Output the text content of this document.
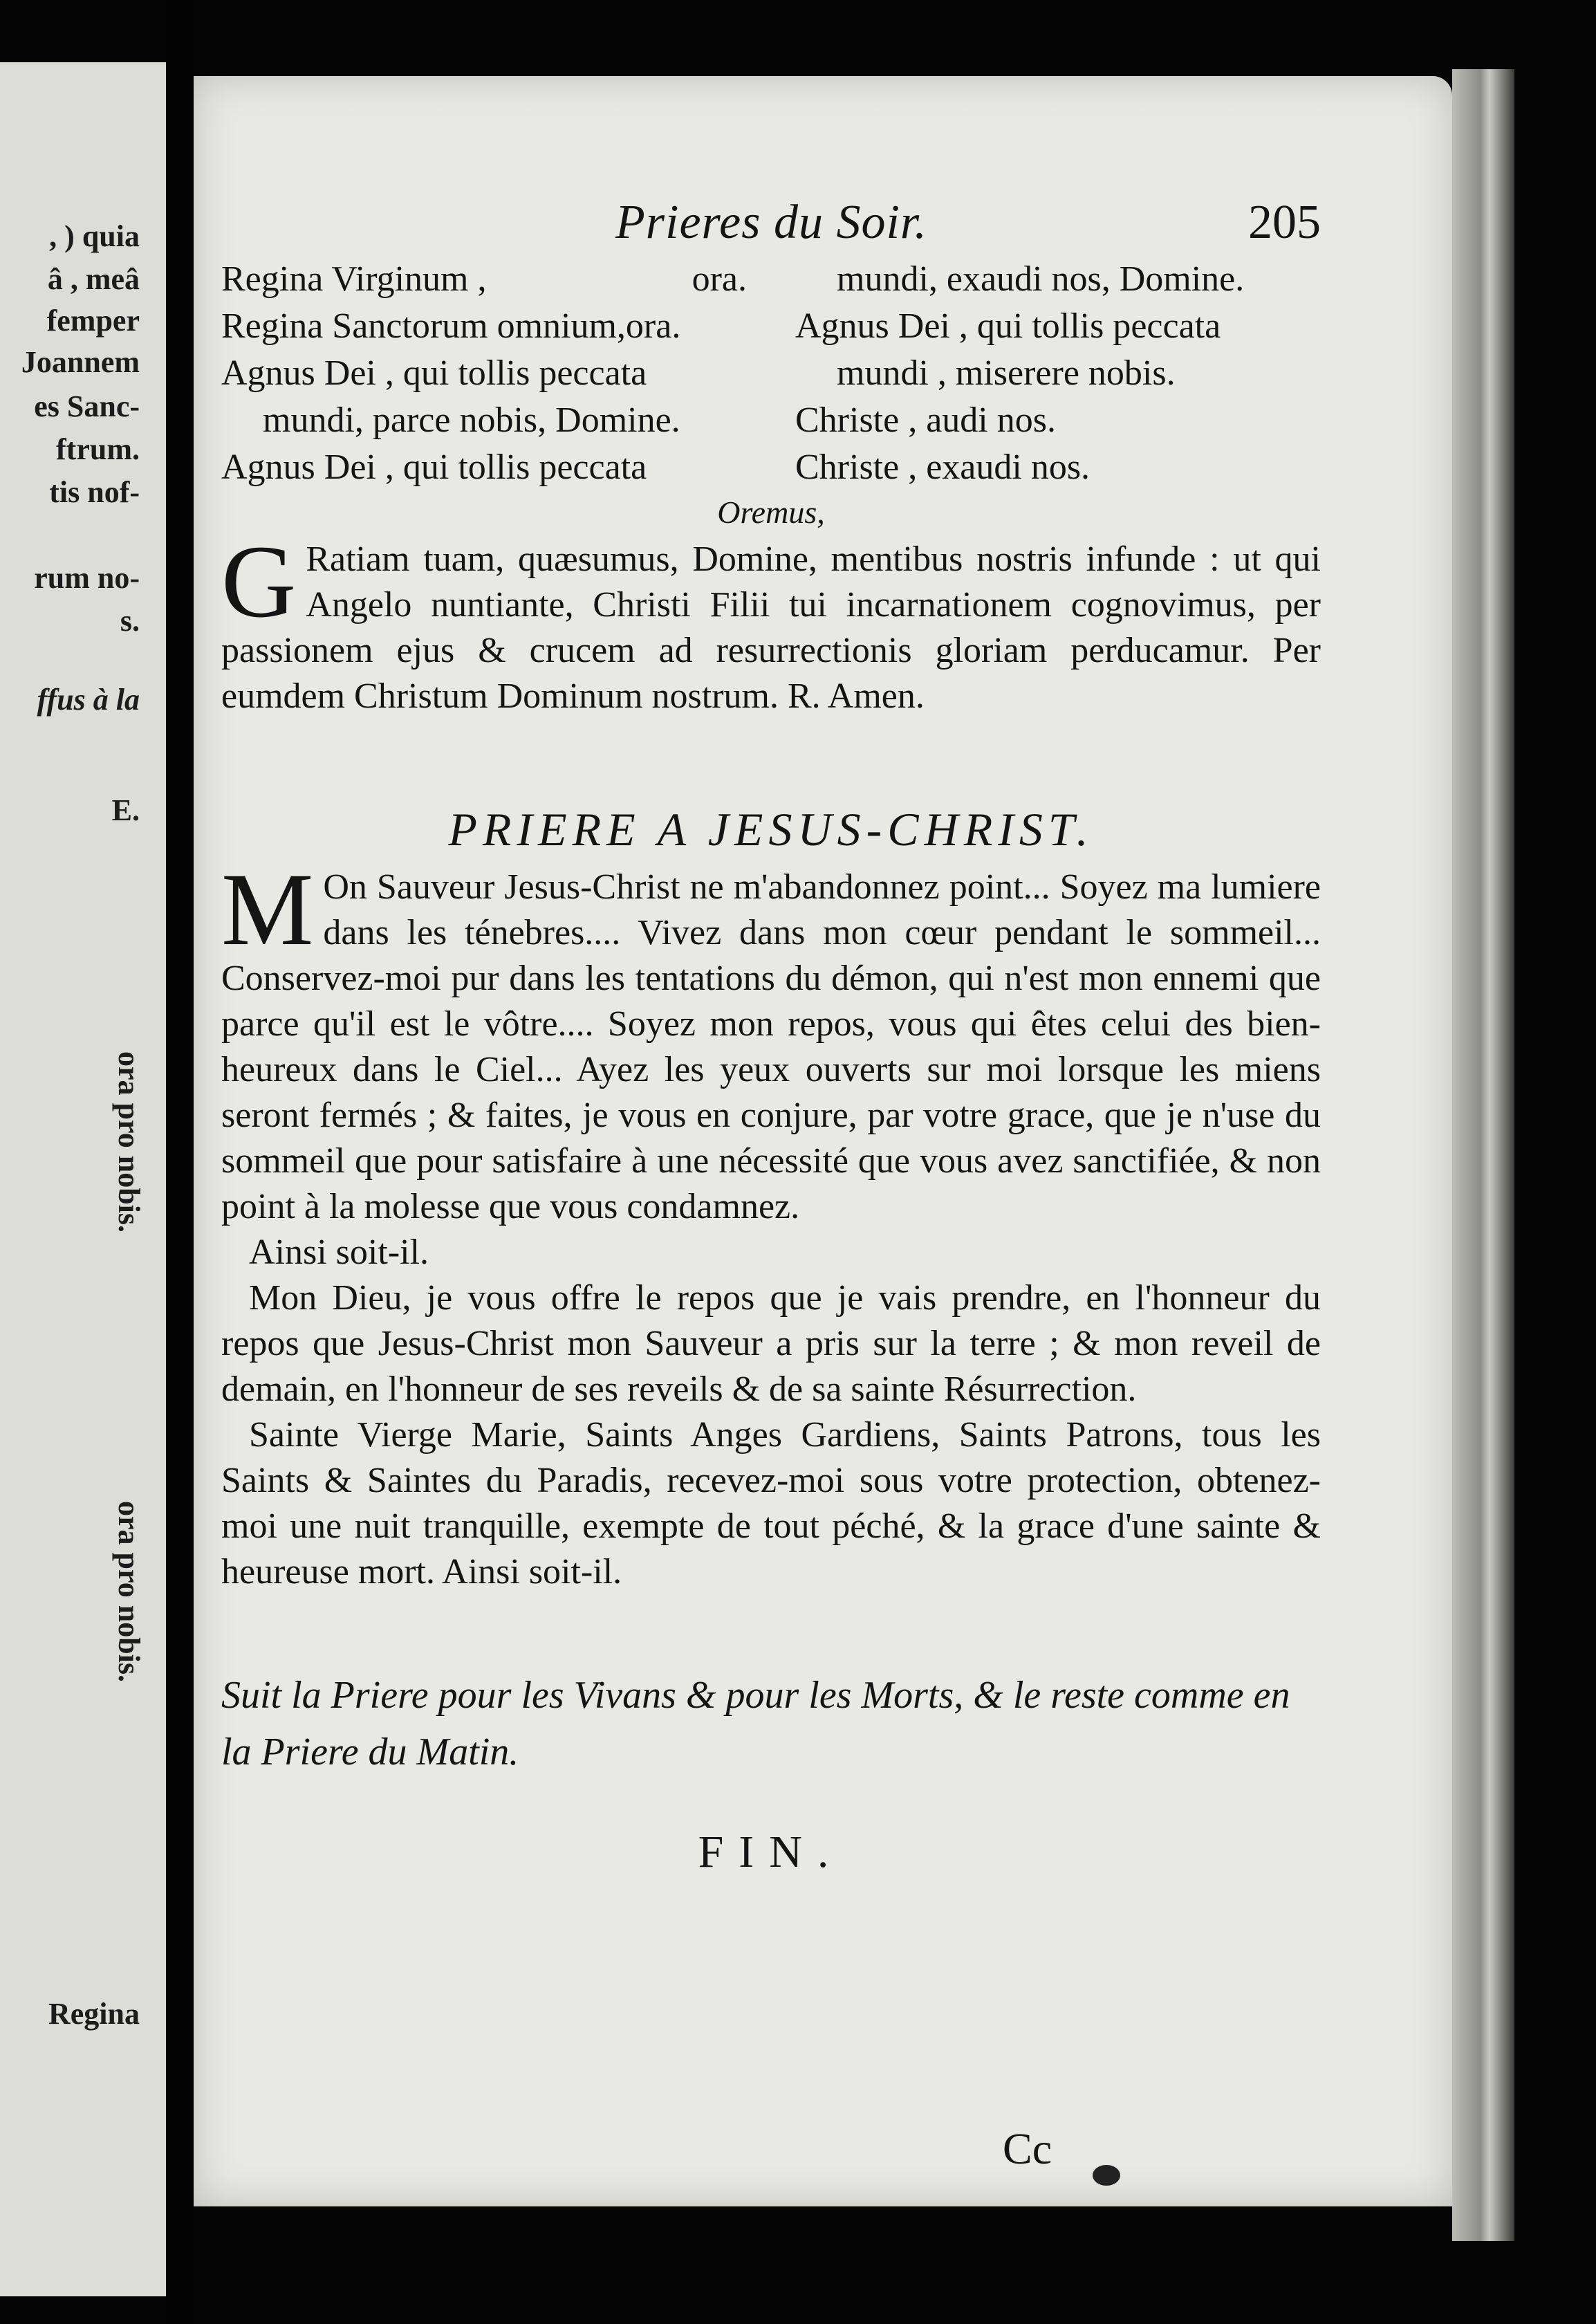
, ) quia
â , meâ
femper
Joannem
es Sanc-
ftrum.
tis nof-
rum no-
s.
ffus à la
E.
Regina
ora pro nobis.
ora pro nobis.
Prieres du Soir.	205
Regina Virginum ,	ora.
Regina Sanctorum omnium,ora.
Agnus Dei , qui tollis peccata
mundi, parce nobis, Domine.
Agnus Dei , qui tollis peccata
mundi, exaudi nos, Domine.
Agnus Dei , qui tollis peccata
mundi , miserere nobis.
Christe , audi nos.
Christe , exaudi nos.
Oremus,
G Ratiam tuam, quæsumus, Domine, mentibus nostris infunde : ut qui Angelo nuntiante, Christi Filii tui incarnationem cognovimus, per passionem ejus & crucem ad resurrectionis gloriam perducamur. Per eumdem Christum Dominum nostrum. R. Amen.
PRIERE A JESUS-CHRIST.

M On Sauveur Jesus-Christ ne m'abandonnez point... Soyez ma lumiere dans les ténebres.... Vivez dans mon cœur pendant le sommeil... Conservez-moi pur dans les tentations du démon, qui n'est mon ennemi que parce qu'il est le vôtre.... Soyez mon repos, vous qui êtes celui des bien-heureux dans le Ciel... Ayez les yeux ouverts sur moi lorsque les miens seront fermés ; & faites, je vous en conjure, par votre grace, que je n'use du sommeil que pour satisfaire à une nécessité que vous avez sanctifiée, & non point à la molesse que vous condamnez.

Ainsi soit-il.

Mon Dieu, je vous offre le repos que je vais prendre, en l'honneur du repos que Jesus-Christ mon Sauveur a pris sur la terre ; & mon reveil de demain, en l'honneur de ses reveils & de sa sainte Résurrection.

Sainte Vierge Marie, Saints Anges Gardiens, Saints Patrons, tous les Saints & Saintes du Paradis, recevez-moi sous votre protection, obtenez-moi une nuit tranquille, exempte de tout péché, & la grace d'une sainte & heureuse mort. Ainsi soit-il.

Suit la Priere pour les Vivans & pour les Morts, & le reste comme en la Priere du Matin.
FIN.
Cc
